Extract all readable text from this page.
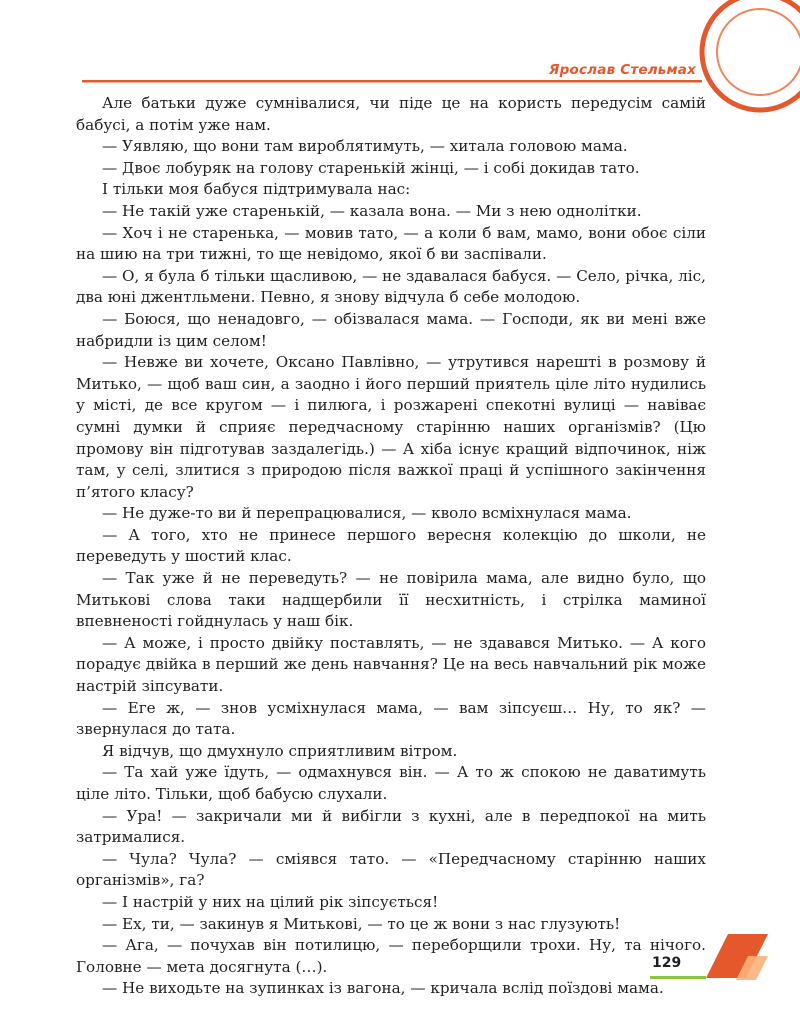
Ярослав Стельмах

Але батьки дуже сумнівалися, чи піде це на користь передусім самій бабусі, а потім уже нам.

— Уявляю, що вони там вироблятимуть, — хитала головою мама.

— Двоє лобуряк на голову старенькій жінці, — і собі докидав тато.

І тільки моя бабуся підтримувала нас:

— Не такій уже старенькій, — казала вона. — Ми з нею однолітки.

— Хоч і не старенька, — мовив тато, — а коли б вам, мамо, вони обоє сіли на шию на три тижні, то ще невідомо, якої б ви заспівали.

— О, я була б тільки щасливою, — не здавалася бабуся. — Село, річка, ліс, два юні джентльмени. Певно, я знову відчула б себе молодою.

— Боюся, що ненадовго, — обізвалася мама. — Господи, як ви мені вже набридли із цим селом!

— Невже ви хочете, Оксано Павлівно, — утрутився нарешті в розмову й Митько, — щоб ваш син, а заодно і його перший приятель ціле літо нудились у місті, де все кругом — і пилюга, і розжарені спекотні вулиці — навіває сумні думки й сприяє передчасному старінню наших організмів? (Цю промову він підготував заздалегідь.) — А хіба існує кращий відпочинок, ніж там, у селі, злитися з природою після важкої праці й успішного закінчення п’ятого класу?

— Не дуже-то ви й перепрацювалися, — кволо всміхнулася мама.

— А того, хто не принесе першого вересня колекцію до школи, не переведуть у шостий клас.

— Так уже й не переведуть? — не повірила мама, але видно було, що Митькові слова таки надщербили її несхитність, і стрілка маминої впевненості гойднулась у наш бік.

— А може, і просто двійку поставлять, — не здавався Митько. — А кого порадує двійка в перший же день навчання? Це на весь навчальний рік може настрій зіпсувати.

— Еге ж, — знов усміхнулася мама, — вам зіпсуєш… Ну, то як? — звернулася до тата.

Я відчув, що дмухнуло сприятливим вітром.

— Та хай уже їдуть, — одмахнувся він. — А то ж спокою не даватимуть ціле літо. Тільки, щоб бабусю слухали.

— Ура! — закричали ми й вибігли з кухні, але в передпокої на мить затрималися.

— Чула? Чула? — сміявся тато. — «Передчасному старінню наших організмів», га?

— І настрій у них на цілий рік зіпсується!

— Ех, ти, — закинув я Митькові, — то це ж вони з нас глузують!

— Ага, — почухав він потилицю, — переборщили трохи. Ну, та нічого. Головне — мета досягнута (…).

— Не виходьте на зупинках із вагона, — кричала вслід поїздові мама.

129
